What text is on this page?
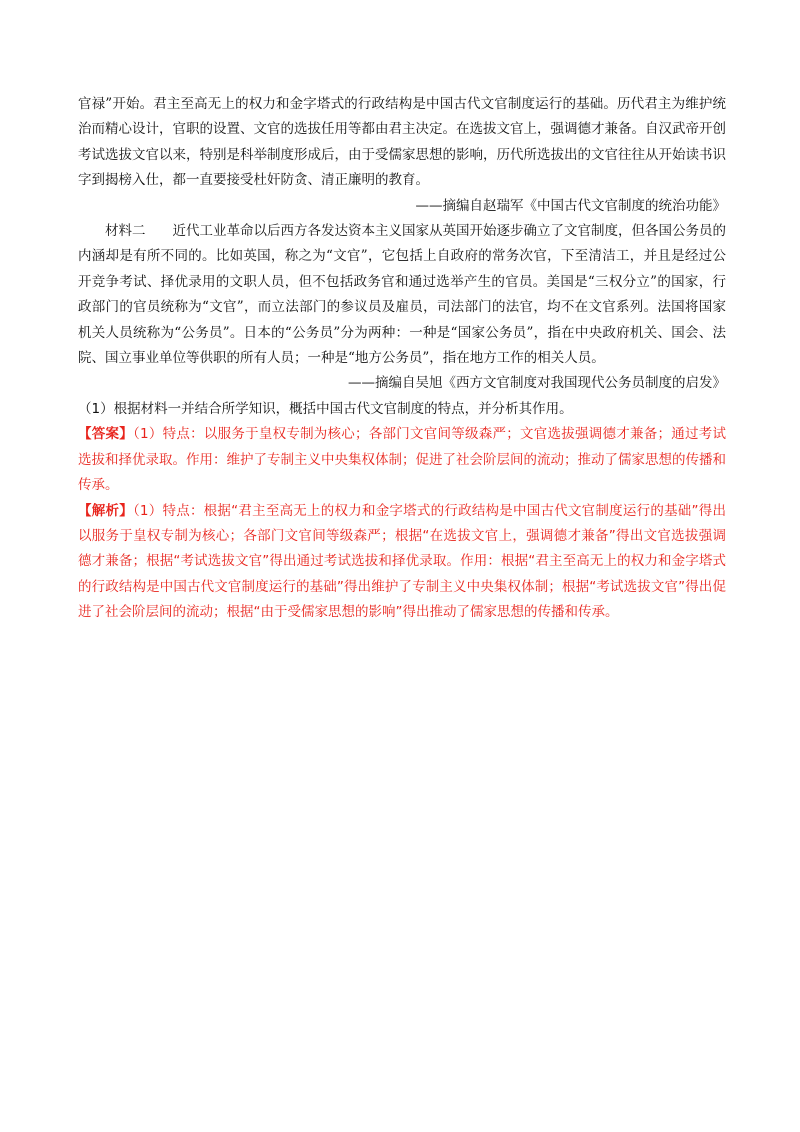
官禄”开始。君主至高无上的权力和金字塔式的行政结构是中国古代文官制度运行的基础。历代君主为维护统治而精心设计，官职的设置、文官的选拔任用等都由君主决定。在选拔文官上，强调德才兼备。自汉武帝开创考试选拔文官以来，特别是科举制度形成后，由于受儒家思想的影响，历代所选拔出的文官往往从开始读书识字到揭榜入仕，都一直要接受杜奸防贪、清正廉明的教育。

——摘编自赵瑞军《中国古代文官制度的统治功能》

材料二 近代工业革命以后西方各发达资本主义国家从英国开始逐步确立了文官制度，但各国公务员的内涵却是有所不同的。比如英国，称之为“文官”，它包括上自政府的常务次官，下至清洁工，并且是经过公开竞争考试、择优录用的文职人员，但不包括政务官和通过选举产生的官员。美国是“三权分立”的国家，行政部门的官员统称为“文官”，而立法部门的参议员及雇员，司法部门的法官，均不在文官系列。法国将国家机关人员统称为“公务员”。日本的“公务员”分为两种：一种是“国家公务员”，指在中央政府机关、国会、法院、国立事业单位等供职的所有人员；一种是“地方公务员”，指在地方工作的相关人员。

——摘编自吴旭《西方文官制度对我国现代公务员制度的启发》

（1）根据材料一并结合所学知识，概括中国古代文官制度的特点，并分析其作用。

【答案】（1）特点：以服务于皇权专制为核心；各部门文官间等级森严；文官选拔强调德才兼备；通过考试选拔和择优录取。作用：维护了专制主义中央集权体制；促进了社会阶层间的流动；推动了儒家思想的传播和传承。

【解析】（1）特点：根据“君主至高无上的权力和金字塔式的行政结构是中国古代文官制度运行的基础”得出以服务于皇权专制为核心；各部门文官间等级森严；根据“在选拔文官上，强调德才兼备”得出文官选拔强调德才兼备；根据“考试选拔文官”得出通过考试选拔和择优录取。作用：根据“君主至高无上的权力和金字塔式的行政结构是中国古代文官制度运行的基础”得出维护了专制主义中央集权体制；根据“考试选拔文官”得出促进了社会阶层间的流动；根据“由于受儒家思想的影响”得出推动了儒家思想的传播和传承。
